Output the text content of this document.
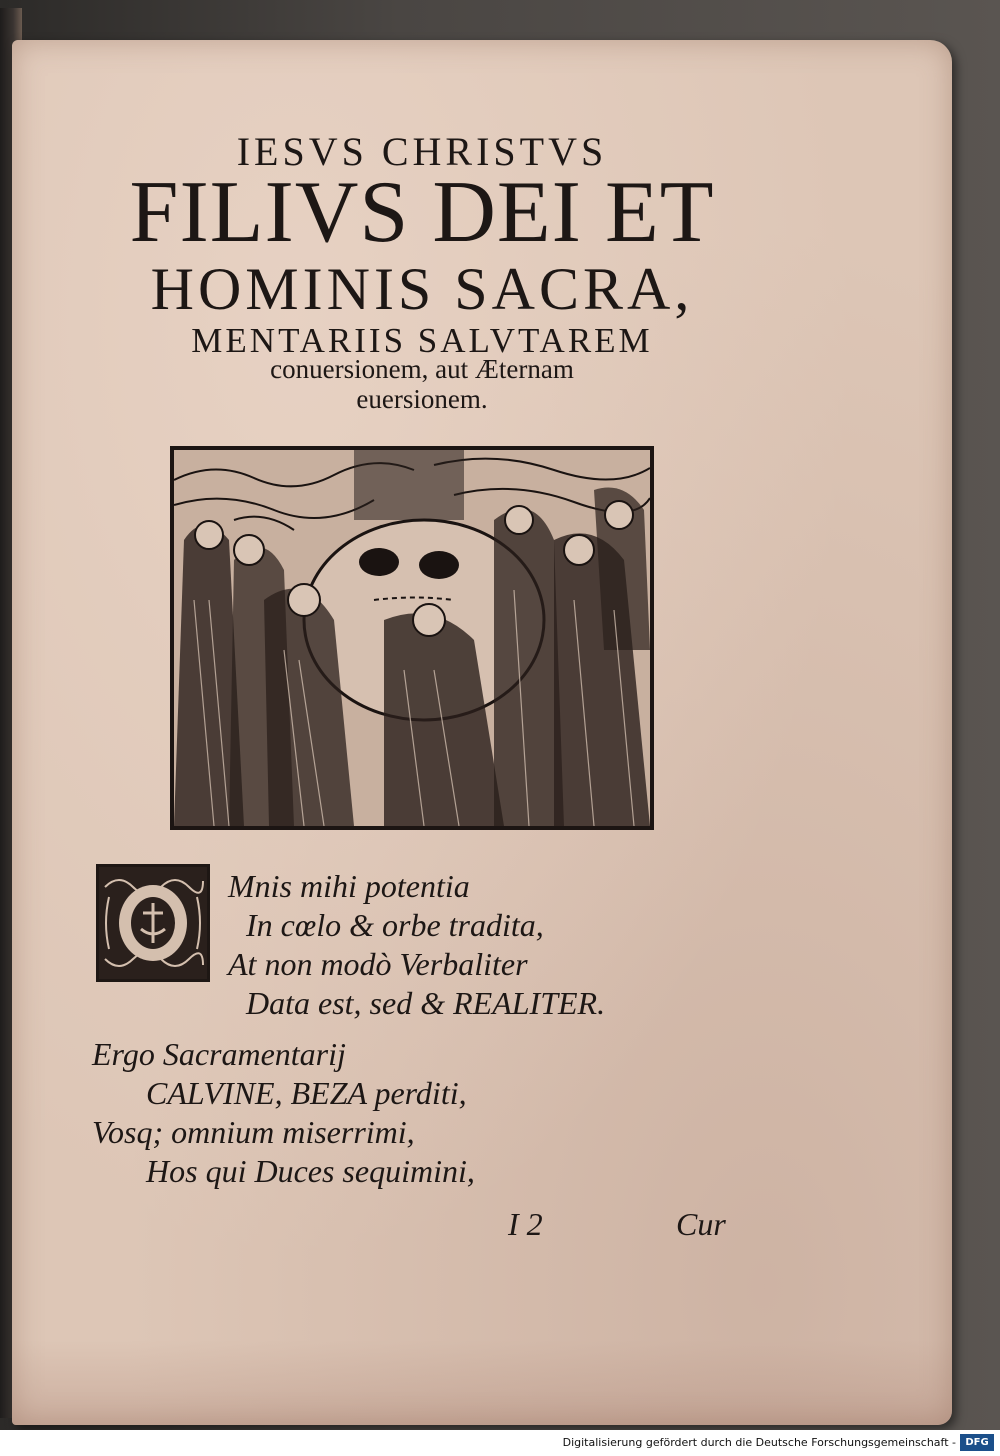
IESVS CHRISTVS
FILIVS DEI ET
HOMINIS SACRA,
MENTARIIS SALVTAREM
conuersionem, aut Æternam
euersionem.
Mnis mihi potentia
In cœlo & orbe tradita,
At non modò Verbaliter
Data est, sed & REALITER.
Ergo Sacramentarij
CALVINE, BEZA perditi,
Vosq; omnium miserrimi,
Hos qui Duces sequimini,
I 2	Cur
Digitalisierung gefördert durch die Deutsche Forschungsgemeinschaft - DFG
